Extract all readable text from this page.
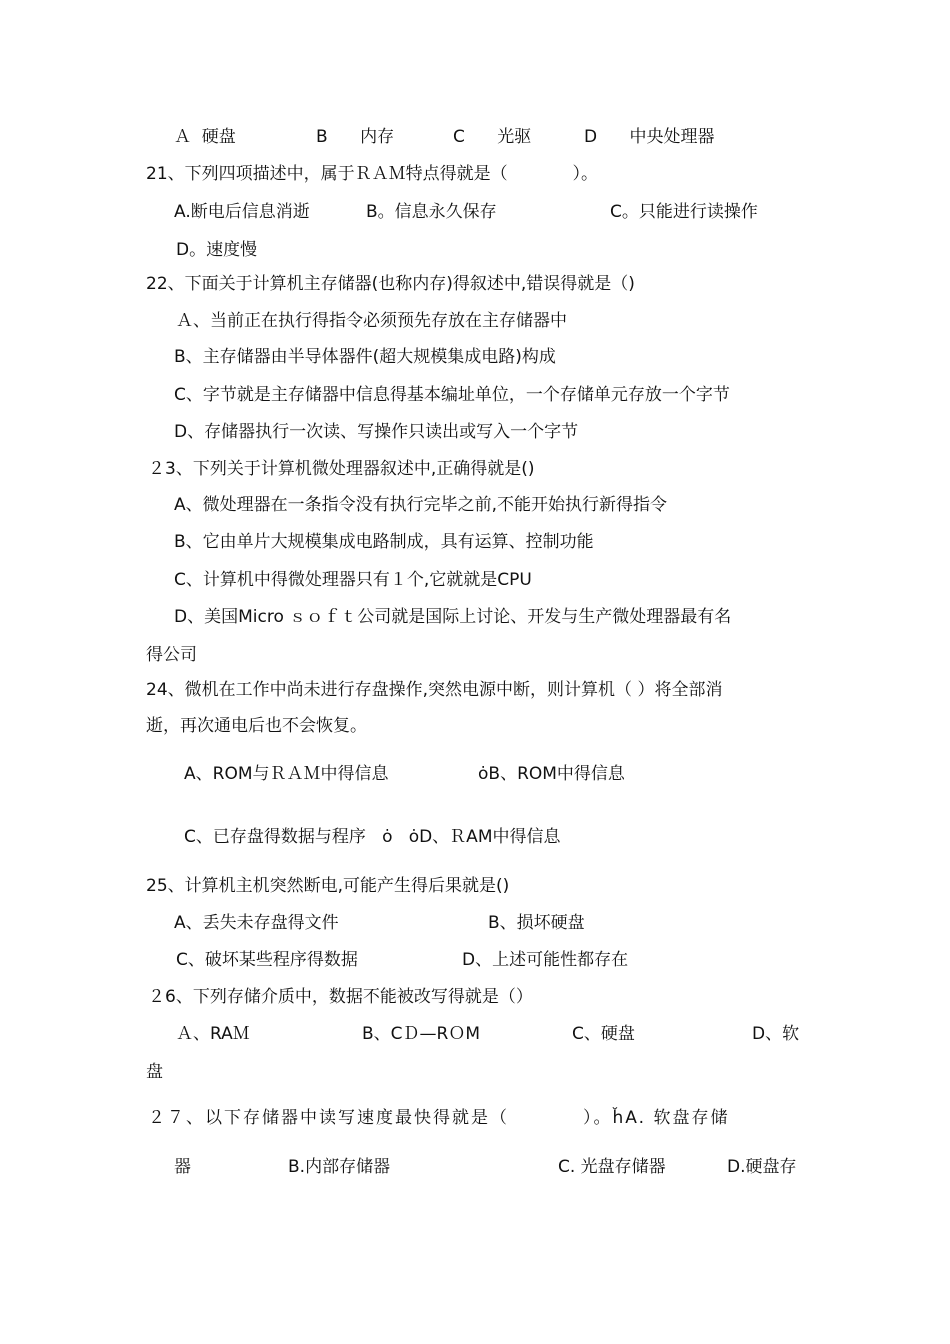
Ａ  硬盘	B      内存	C      光驱	D      中央处理器
21、下列四项描述中，属于ＲＡＭ特点得就是（            ）。
A.断电后信息消逝	B。信息永久保存	C。只能进行读操作
D。速度慢
22、下面关于计算机主存储器(也称内存)得叙述中,错误得就是（)
Ａ、当前正在执行得指令必须预先存放在主存储器中
B、主存储器由半导体器件(超大规模集成电路)构成
C、字节就是主存储器中信息得基本编址单位，一个存储单元存放一个字节
D、存储器执行一次读、写操作只读出或写入一个字节
２3、下列关于计算机微处理器叙述中,正确得就是()
A、微处理器在一条指令没有执行完毕之前,不能开始执行新得指令
B、它由单片大规模集成电路制成，具有运算、控制功能
C、计算机中得微处理器只有１个,它就就是CPU
D、美国Micro ｓｏｆｔ公司就是国际上讨论、开发与生产微处理器最有名
得公司
24、微机在工作中尚未进行存盘操作,突然电源中断，则计算机（ ）将全部消
逝，再次通电后也不会恢复。
A、ROM与ＲＡＭ中得信息	ȯB、ROM中得信息
C、已存盘得数据与程序   ȯ   ȯD、ＲAM中得信息
25、计算机主机突然断电,可能产生得后果就是()
A、丢失未存盘得文件	B、损坏硬盘
C、破坏某些程序得数据	D、上述可能性都存在
２6、下列存储介质中，数据不能被改写得就是（）
Ａ、RAＭ	B、CＤ—RＯM	C、硬盘	D、软
盘
２７、以下存储器中读写速度最快得就是（          ）。ȟA. 软盘存储
器	B.内部存储器	C. 光盘存储器	D.硬盘存
